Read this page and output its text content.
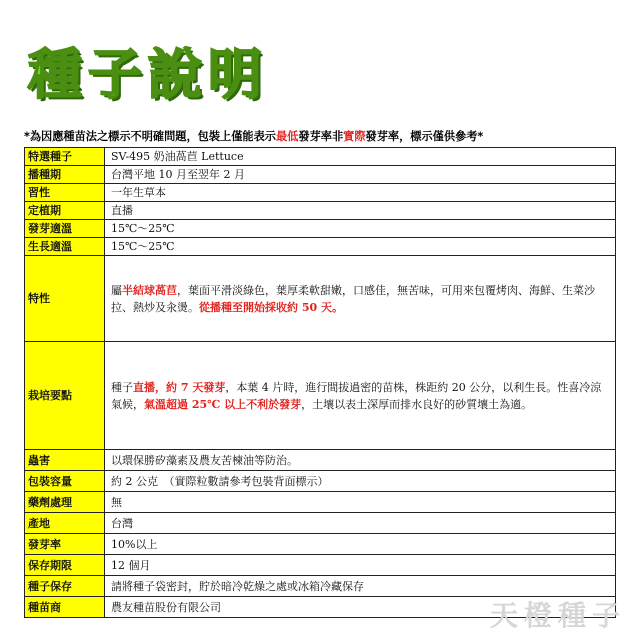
種子說明
*為因應種苗法之標示不明確問題，包裝上僅能表示最低發芽率非實際發芽率，標示僅供參考*
特選種子	SV-495 奶油萵苣 Lettuce
播種期	台灣平地 10 月至翌年 2 月
習性	一年生草本
定植期	直播
發芽適溫	15℃～25℃
生長適溫	15℃～25℃
特性	屬半結球萵苣，葉面平滑淡綠色，葉厚柔軟甜嫩，口感佳，無苦味，可用來包覆烤肉、海鮮、生菜沙拉、熱炒及汆燙。從播種至開始採收約 50 天。
栽培要點	種子直播，約 7 天發芽，本葉 4 片時，進行間拔過密的苗株，株距約 20 公分，以利生長。性喜冷涼氣候，氣溫超過 25℃ 以上不利於發芽，土壤以表土深厚而排水良好的砂質壤土為適。
蟲害	以環保勝矽藻素及農友苦楝油等防治。
包裝容量	約 2 公克　（實際粒數請參考包裝背面標示）
藥劑處理	無
產地	台灣
發芽率	10%以上
保存期限	12 個月
種子保存	請將種子袋密封，貯於暗冷乾燥之處或冰箱冷藏保存
種苗商	農友種苗股份有限公司	天橙種子
